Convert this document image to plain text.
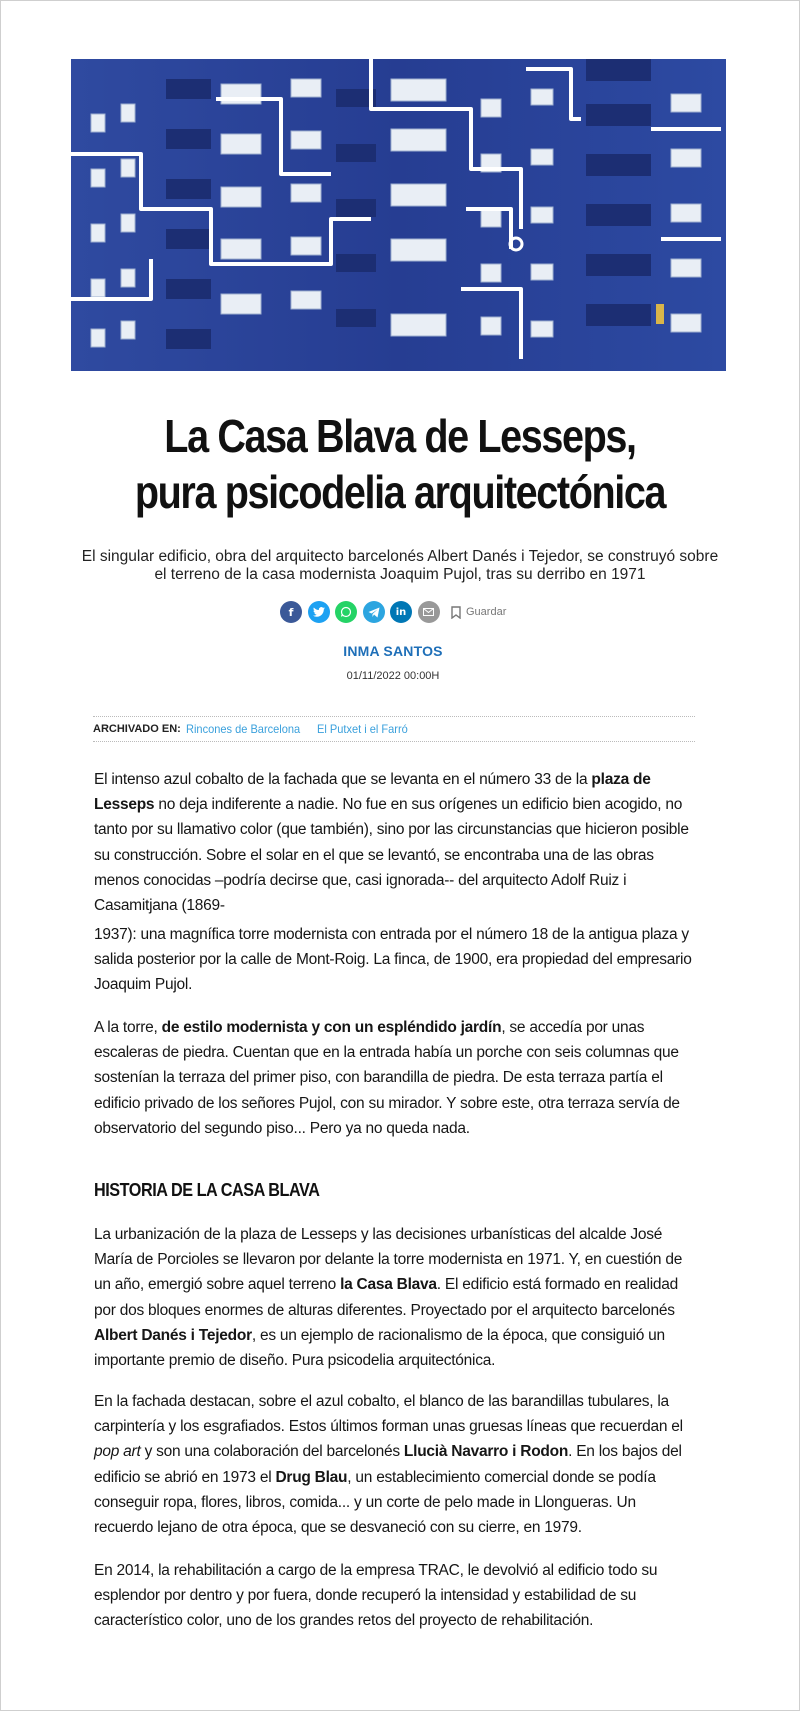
La Casa Blava de Lesseps,
pura psicodelia arquitectónica

El singular edificio, obra del arquitecto barcelonés Albert Danés i Tejedor, se construyó sobre el terreno de la casa modernista Joaquim Pujol, tras su derribo en 1971

f	in	Guardar
INMA SANTOS
01/11/2022 00:00H
ARCHIVADO EN: Rincones de Barcelona El Putxet i el Farró

El intenso azul cobalto de la fachada que se levanta en el número 33 de la plaza de Lesseps no deja indiferente a nadie. No fue en sus orígenes un edificio bien acogido, no tanto por su llamativo color (que también), sino por las circunstancias que hicieron posible su construcción. Sobre el solar en el que se levantó, se encontraba una de las obras menos conocidas –podría decirse que, casi ignorada-- del arquitecto Adolf Ruiz i Casamitjana (1869-

1937): una magnífica torre modernista con entrada por el número 18 de la antigua plaza y salida posterior por la calle de Mont-Roig. La finca, de 1900, era propiedad del empresario Joaquim Pujol.

A la torre, de estilo modernista y con un espléndido jardín, se accedía por unas escaleras de piedra. Cuentan que en la entrada había un porche con seis columnas que sostenían la terraza del primer piso, con barandilla de piedra. De esta terraza partía el edificio privado de los señores Pujol, con su mirador. Y sobre este, otra terraza servía de observatorio del segundo piso... Pero ya no queda nada.

HISTORIA DE LA CASA BLAVA

La urbanización de la plaza de Lesseps y las decisiones urbanísticas del alcalde José María de Porcioles se llevaron por delante la torre modernista en 1971. Y, en cuestión de un año, emergió sobre aquel terreno la Casa Blava. El edificio está formado en realidad por dos bloques enormes de alturas diferentes. Proyectado por el arquitecto barcelonés Albert Danés i Tejedor, es un ejemplo de racionalismo de la época, que consiguió un importante premio de diseño. Pura psicodelia arquitectónica.

En la fachada destacan, sobre el azul cobalto, el blanco de las barandillas tubulares, la carpintería y los esgrafiados. Estos últimos forman unas gruesas líneas que recuerdan el pop art y son una colaboración del barcelonés Llucià Navarro i Rodon. En los bajos del edificio se abrió en 1973 el Drug Blau, un establecimiento comercial donde se podía conseguir ropa, flores, libros, comida... y un corte de pelo made in Llongueras. Un recuerdo lejano de otra época, que se desvaneció con su cierre, en 1979.

En 2014, la rehabilitación a cargo de la empresa TRAC, le devolvió al edificio todo su esplendor por dentro y por fuera, donde recuperó la intensidad y estabilidad de su característico color, uno de los grandes retos del proyecto de rehabilitación.
